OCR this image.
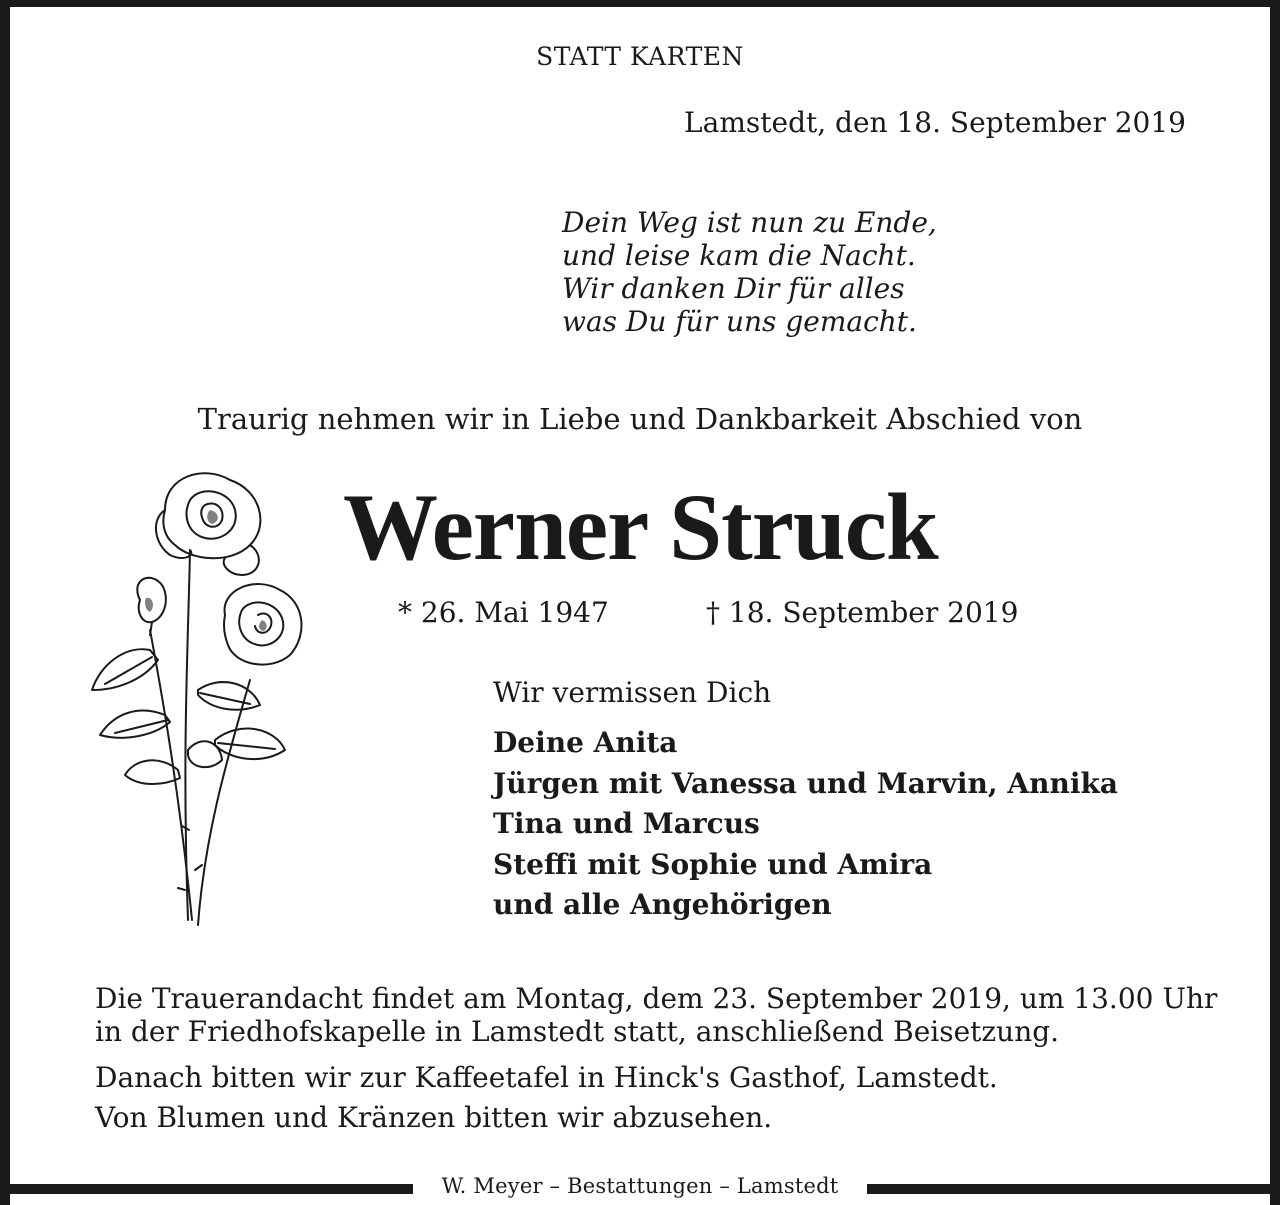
W. Meyer – Bestattungen – Lamstedt
STATT KARTEN
Lamstedt, den 18. September 2019
Dein Weg ist nun zu Ende,
und leise kam die Nacht.
Wir danken Dir für alles
was Du für uns gemacht.
Traurig nehmen wir in Liebe und Dankbarkeit Abschied von
Werner Struck
* 26. Mai 1947	† 18. September 2019
Wir vermissen Dich
Deine Anita
Jürgen mit Vanessa und Marvin, Annika
Tina und Marcus
Steffi mit Sophie und Amira
und alle Angehörigen
Die Trauerandacht findet am Montag, dem 23. September 2019, um 13.00 Uhr
in der Friedhofskapelle in Lamstedt statt, anschließend Beisetzung.
Danach bitten wir zur Kaffeetafel in Hinck's Gasthof, Lamstedt.
Von Blumen und Kränzen bitten wir abzusehen.
